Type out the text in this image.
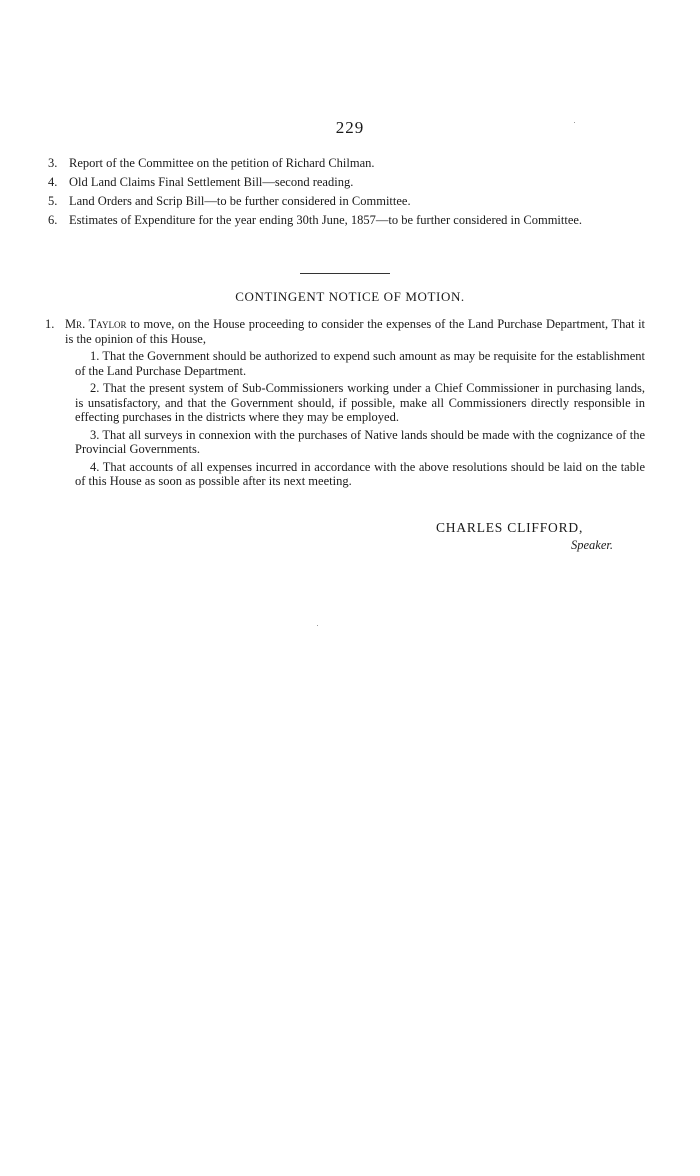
229
3. Report of the Committee on the petition of Richard Chilman.
4. Old Land Claims Final Settlement Bill—second reading.
5. Land Orders and Scrip Bill—to be further considered in Committee.
6. Estimates of Expenditure for the year ending 30th June, 1857—to be further considered in Committee.
CONTINGENT NOTICE OF MOTION.
1. Mr. Taylor to move, on the House proceeding to consider the expenses of the Land Purchase Department, That it is the opinion of this House,
1. That the Government should be authorized to expend such amount as may be requisite for the establishment of the Land Purchase Department.
2. That the present system of Sub-Commissioners working under a Chief Commissioner in purchasing lands, is unsatisfactory, and that the Government should, if possible, make all Commissioners directly responsible in effecting purchases in the districts where they may be employed.
3. That all surveys in connexion with the purchases of Native lands should be made with the cognizance of the Provincial Governments.
4. That accounts of all expenses incurred in accordance with the above resolutions should be laid on the table of this House as soon as possible after its next meeting.
CHARLES CLIFFORD,
Speaker.
